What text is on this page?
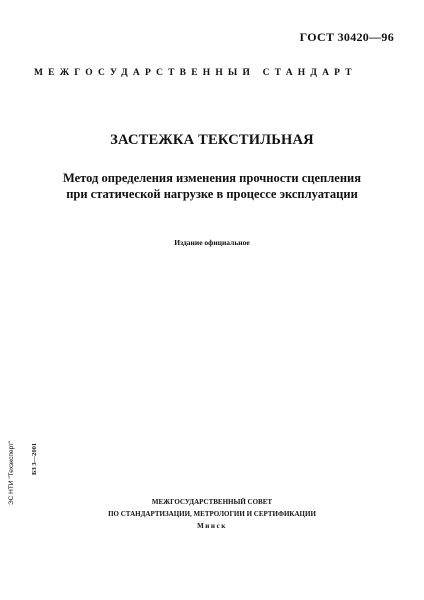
ГОСТ 30420—96
МЕЖГОСУДАРСТВЕННЫЙ СТАНДАРТ
ЗАСТЕЖКА ТЕКСТИЛЬНАЯ
Метод определения изменения прочности сцепления
при статической нагрузке в процессе эксплуатации
Издание официальное
ЭС НТИ "Техэксперт" БЗ 3—2001
МЕЖГОСУДАРСТВЕННЫЙ СОВЕТ
ПО СТАНДАРТИЗАЦИИ, МЕТРОЛОГИИ И СЕРТИФИКАЦИИ
Минск
